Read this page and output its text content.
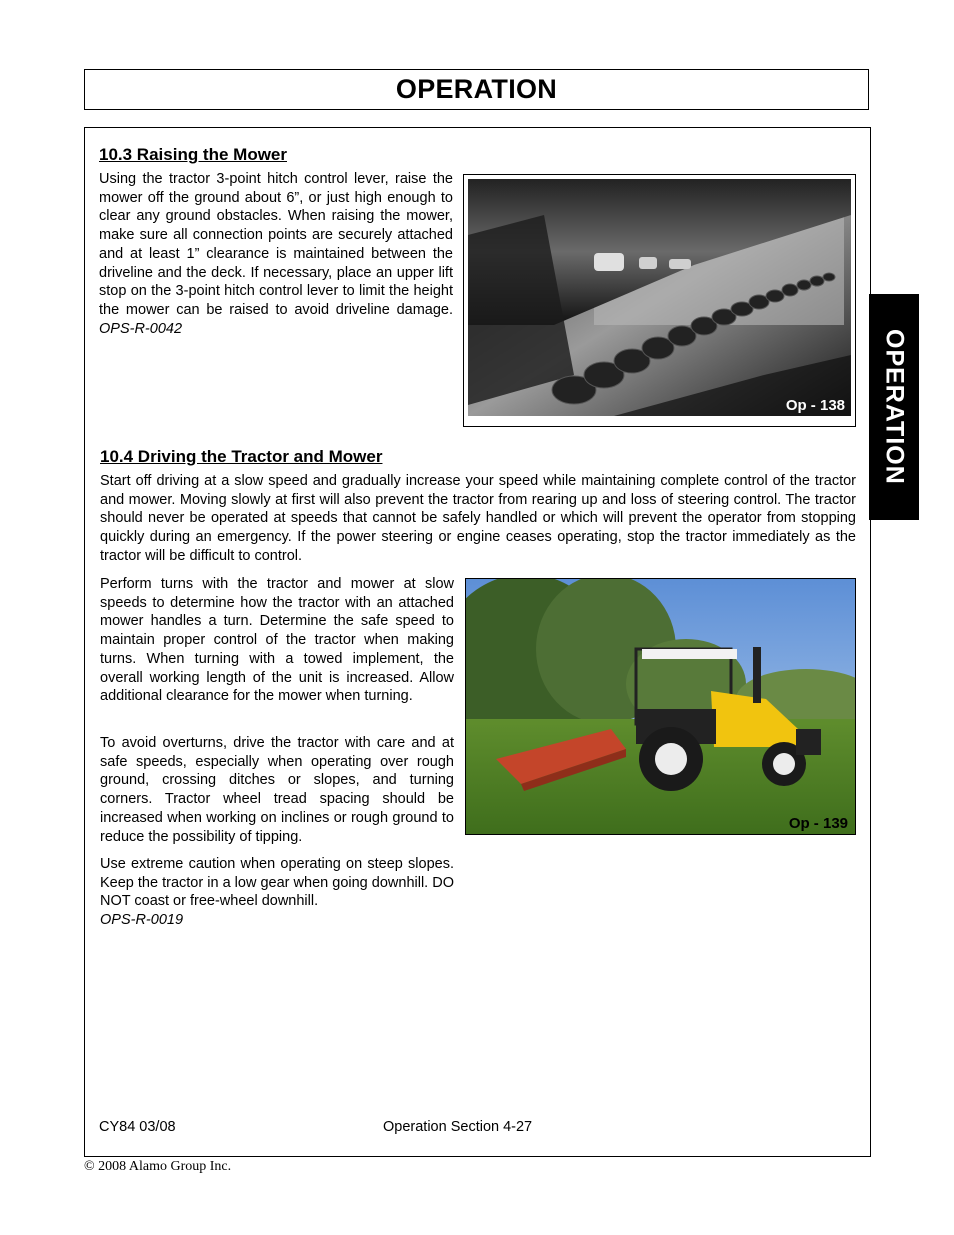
OPERATION
OPERATION
10.3 Raising the Mower

Using the tractor 3-point hitch control lever, raise the mower off the ground about 6”, or just high enough to clear any ground obstacles. When raising the mower, make sure all connection points are securely attached and at least 1” clearance is maintained between the driveline and the deck. If necessary, place an upper lift stop on the 3-point hitch control lever to limit the height the mower can be raised to avoid driveline damage. OPS-R-0042

Op - 138
10.4 Driving the Tractor and Mower

Start off driving at a slow speed and gradually increase your speed while maintaining complete control of the tractor and mower. Moving slowly at first will also prevent the tractor from rearing up and loss of steering control. The tractor should never be operated at speeds that cannot be safely handled or which will prevent the operator from stopping quickly during an emergency. If the power steering or engine ceases operating, stop the tractor immediately as the tractor will be difficult to control.

Perform turns with the tractor and mower at slow speeds to determine how the tractor with an attached mower handles a turn. Determine the safe speed to maintain proper control of the tractor when making turns. When turning with a towed implement, the overall working length of the unit is increased. Allow additional clearance for the mower when turning.

To avoid overturns, drive the tractor with care and at safe speeds, especially when operating over rough ground, crossing ditches or slopes, and turning corners. Tractor wheel tread spacing should be increased when working on inclines or rough ground to reduce the possibility of tipping.

Use extreme caution when operating on steep slopes. Keep the tractor in a low gear when going downhill. DO NOT coast or free-wheel downhill.
OPS-R-0019

Op - 139
CY84 03/08	Operation Section 4-27
© 2008 Alamo Group Inc.
